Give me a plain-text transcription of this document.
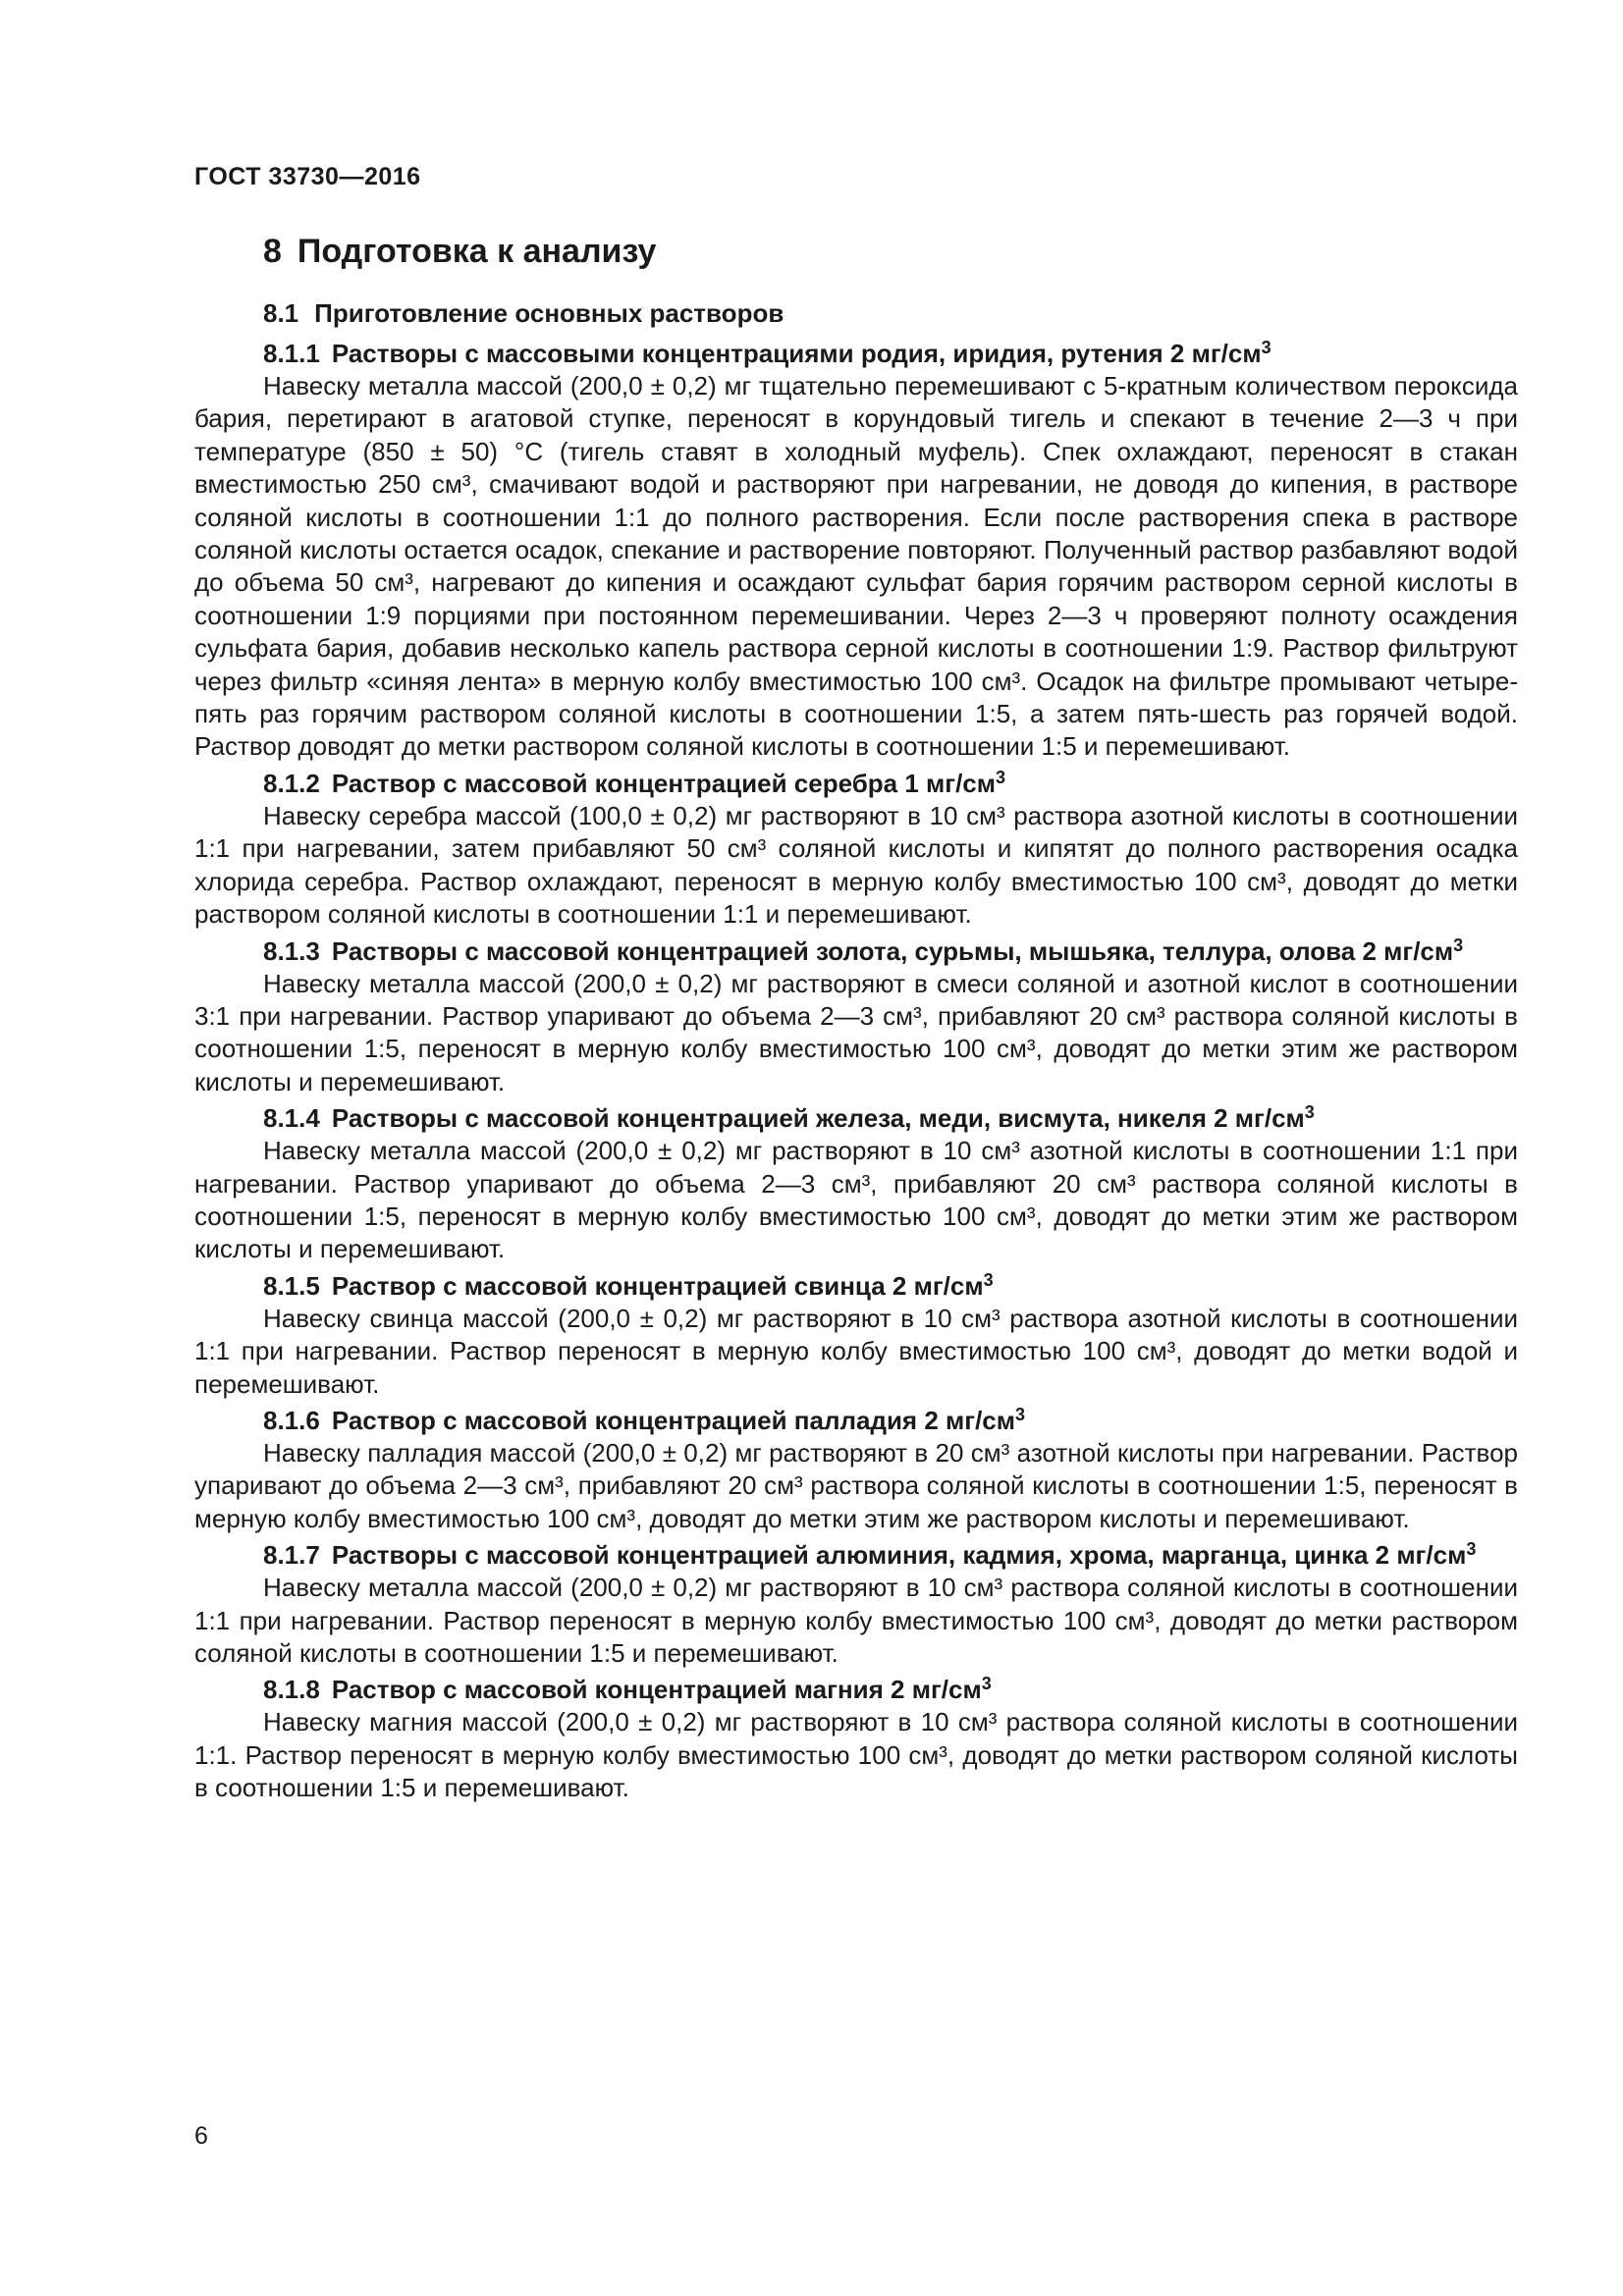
ГОСТ 33730—2016
8 Подготовка к анализу
8.1 Приготовление основных растворов
8.1.1 Растворы с массовыми концентрациями родия, иридия, рутения 2 $мг/см^3$

Навеску металла массой (200,0 ± 0,2) мг тщательно перемешивают с 5-кратным количеством пероксида бария, перетирают в агатовой ступке, переносят в корундовый тигель и спекают в течение 2—3 ч при температуре (850 ± 50) °С (тигель ставят в холодный муфель). Спек охлаждают, переносят в стакан вместимостью 250 см³, смачивают водой и растворяют при нагревании, не доводя до кипения, в растворе соляной кислоты в соотношении 1:1 до полного растворения. Если после растворения спека в растворе соляной кислоты остается осадок, спекание и растворение повторяют. Полученный раствор разбавляют водой до объема 50 см³, нагревают до кипения и осаждают сульфат бария горячим раствором серной кислоты в соотношении 1:9 порциями при постоянном перемешивании. Через 2—3 ч проверяют полноту осаждения сульфата бария, добавив несколько капель раствора серной кислоты в соотношении 1:9. Раствор фильтруют через фильтр «синяя лента» в мерную колбу вместимостью 100 см³. Осадок на фильтре промывают четыре-пять раз горячим раствором соляной кислоты в соотношении 1:5, а затем пять-шесть раз горячей водой. Раствор доводят до метки раствором соляной кислоты в соотношении 1:5 и перемешивают.

8.1.2 Раствор с массовой концентрацией серебра 1 $мг/см^3$

Навеску серебра массой (100,0 ± 0,2) мг растворяют в 10 см³ раствора азотной кислоты в соотношении 1:1 при нагревании, затем прибавляют 50 см³ соляной кислоты и кипятят до полного растворения осадка хлорида серебра. Раствор охлаждают, переносят в мерную колбу вместимостью 100 см³, доводят до метки раствором соляной кислоты в соотношении 1:1 и перемешивают.

8.1.3 Растворы с массовой концентрацией золота, сурьмы, мышьяка, теллура, олова 2 $мг/см^3$

Навеску металла массой (200,0 ± 0,2) мг растворяют в смеси соляной и азотной кислот в соотношении 3:1 при нагревании. Раствор упаривают до объема 2—3 см³, прибавляют 20 см³ раствора соляной кислоты в соотношении 1:5, переносят в мерную колбу вместимостью 100 см³, доводят до метки этим же раствором кислоты и перемешивают.

8.1.4 Растворы с массовой концентрацией железа, меди, висмута, никеля 2 $мг/см^3$

Навеску металла массой (200,0 ± 0,2) мг растворяют в 10 см³ азотной кислоты в соотношении 1:1 при нагревании. Раствор упаривают до объема 2—3 см³, прибавляют 20 см³ раствора соляной кислоты в соотношении 1:5, переносят в мерную колбу вместимостью 100 см³, доводят до метки этим же раствором кислоты и перемешивают.

8.1.5 Раствор с массовой концентрацией свинца 2 $мг/см^3$

Навеску свинца массой (200,0 ± 0,2) мг растворяют в 10 см³ раствора азотной кислоты в соотношении 1:1 при нагревании. Раствор переносят в мерную колбу вместимостью 100 см³, доводят до метки водой и перемешивают.

8.1.6 Раствор с массовой концентрацией палладия 2 $мг/см^3$

Навеску палладия массой (200,0 ± 0,2) мг растворяют в 20 см³ азотной кислоты при нагревании. Раствор упаривают до объема 2—3 см³, прибавляют 20 см³ раствора соляной кислоты в соотношении 1:5, переносят в мерную колбу вместимостью 100 см³, доводят до метки этим же раствором кислоты и перемешивают.

8.1.7 Растворы с массовой концентрацией алюминия, кадмия, хрома, марганца, цинка 2 $мг/см^3$

Навеску металла массой (200,0 ± 0,2) мг растворяют в 10 см³ раствора соляной кислоты в соотношении 1:1 при нагревании. Раствор переносят в мерную колбу вместимостью 100 см³, доводят до метки раствором соляной кислоты в соотношении 1:5 и перемешивают.

8.1.8 Раствор с массовой концентрацией магния 2 $мг/см^3$

Навеску магния массой (200,0 ± 0,2) мг растворяют в 10 см³ раствора соляной кислоты в соотношении 1:1. Раствор переносят в мерную колбу вместимостью 100 см³, доводят до метки раствором соляной кислоты в соотношении 1:5 и перемешивают.

6
